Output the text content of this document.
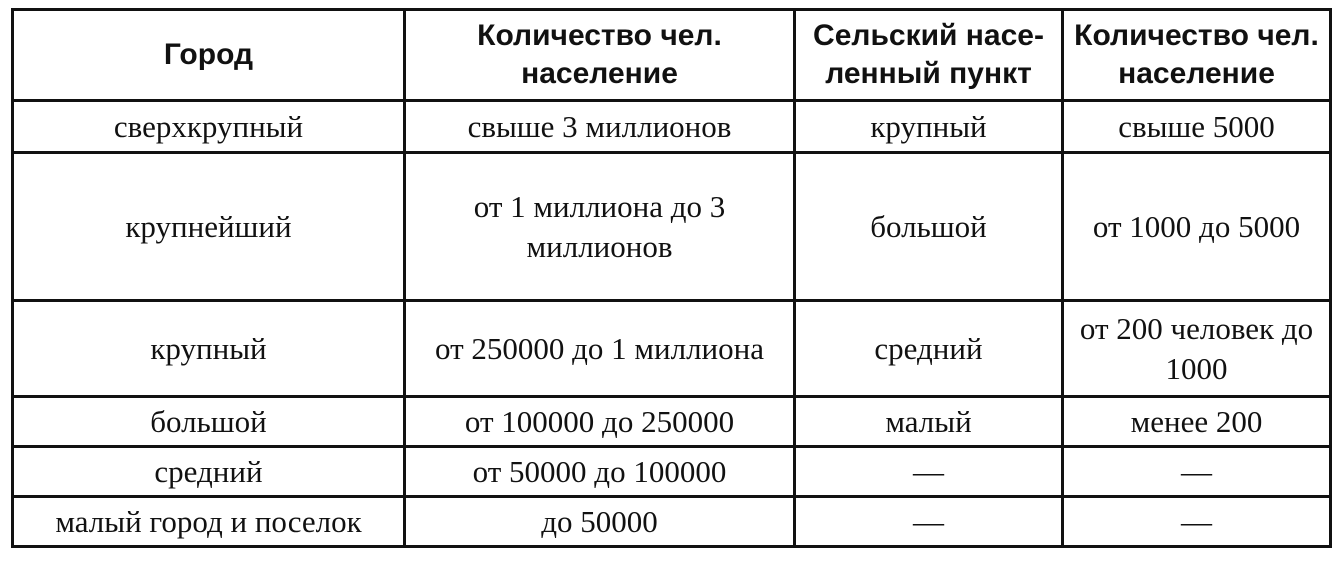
Город	Количество чел. население	Сельский насе-ленный пункт	Количество чел. население
сверхкрупный	свыше 3 миллионов	крупный	свыше 5000
крупнейший	от 1 миллиона до 3 миллионов	большой	от 1000 до 5000
крупный	от 250000 до 1 миллиона	средний	от 200 человек до 1000
большой	от 100000 до 250000	малый	менее 200
средний	от 50000 до 100000	—	—
малый город и поселок	до 50000	—	—
